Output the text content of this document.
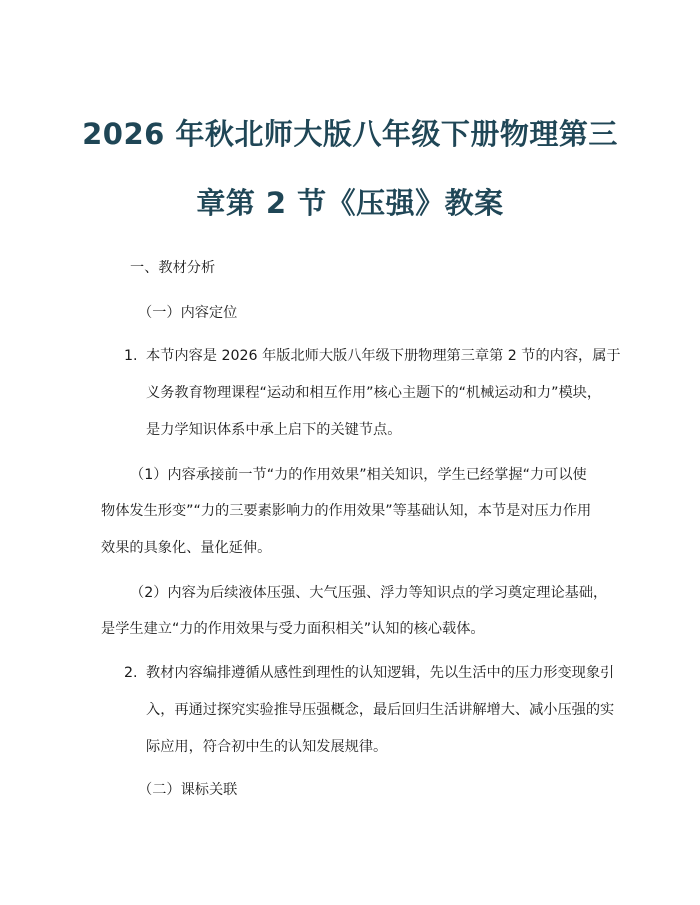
2026 年秋北师大版八年级下册物理第三
章第 2 节《压强》教案
一、教材分析
（一）内容定位
1. 本节内容是 2026 年版北师大版八年级下册物理第三章第 2 节的内容，属于
义务教育物理课程“运动和相互作用”核心主题下的“机械运动和力”模块，
是力学知识体系中承上启下的关键节点。
（1）内容承接前一节“力的作用效果”相关知识，学生已经掌握“力可以使
物体发生形变”“力的三要素影响力的作用效果”等基础认知，本节是对压力作用
效果的具象化、量化延伸。
（2）内容为后续液体压强、大气压强、浮力等知识点的学习奠定理论基础，
是学生建立“力的作用效果与受力面积相关”认知的核心载体。
2. 教材内容编排遵循从感性到理性的认知逻辑，先以生活中的压力形变现象引
入，再通过探究实验推导压强概念，最后回归生活讲解增大、减小压强的实
际应用，符合初中生的认知发展规律。
（二）课标关联
